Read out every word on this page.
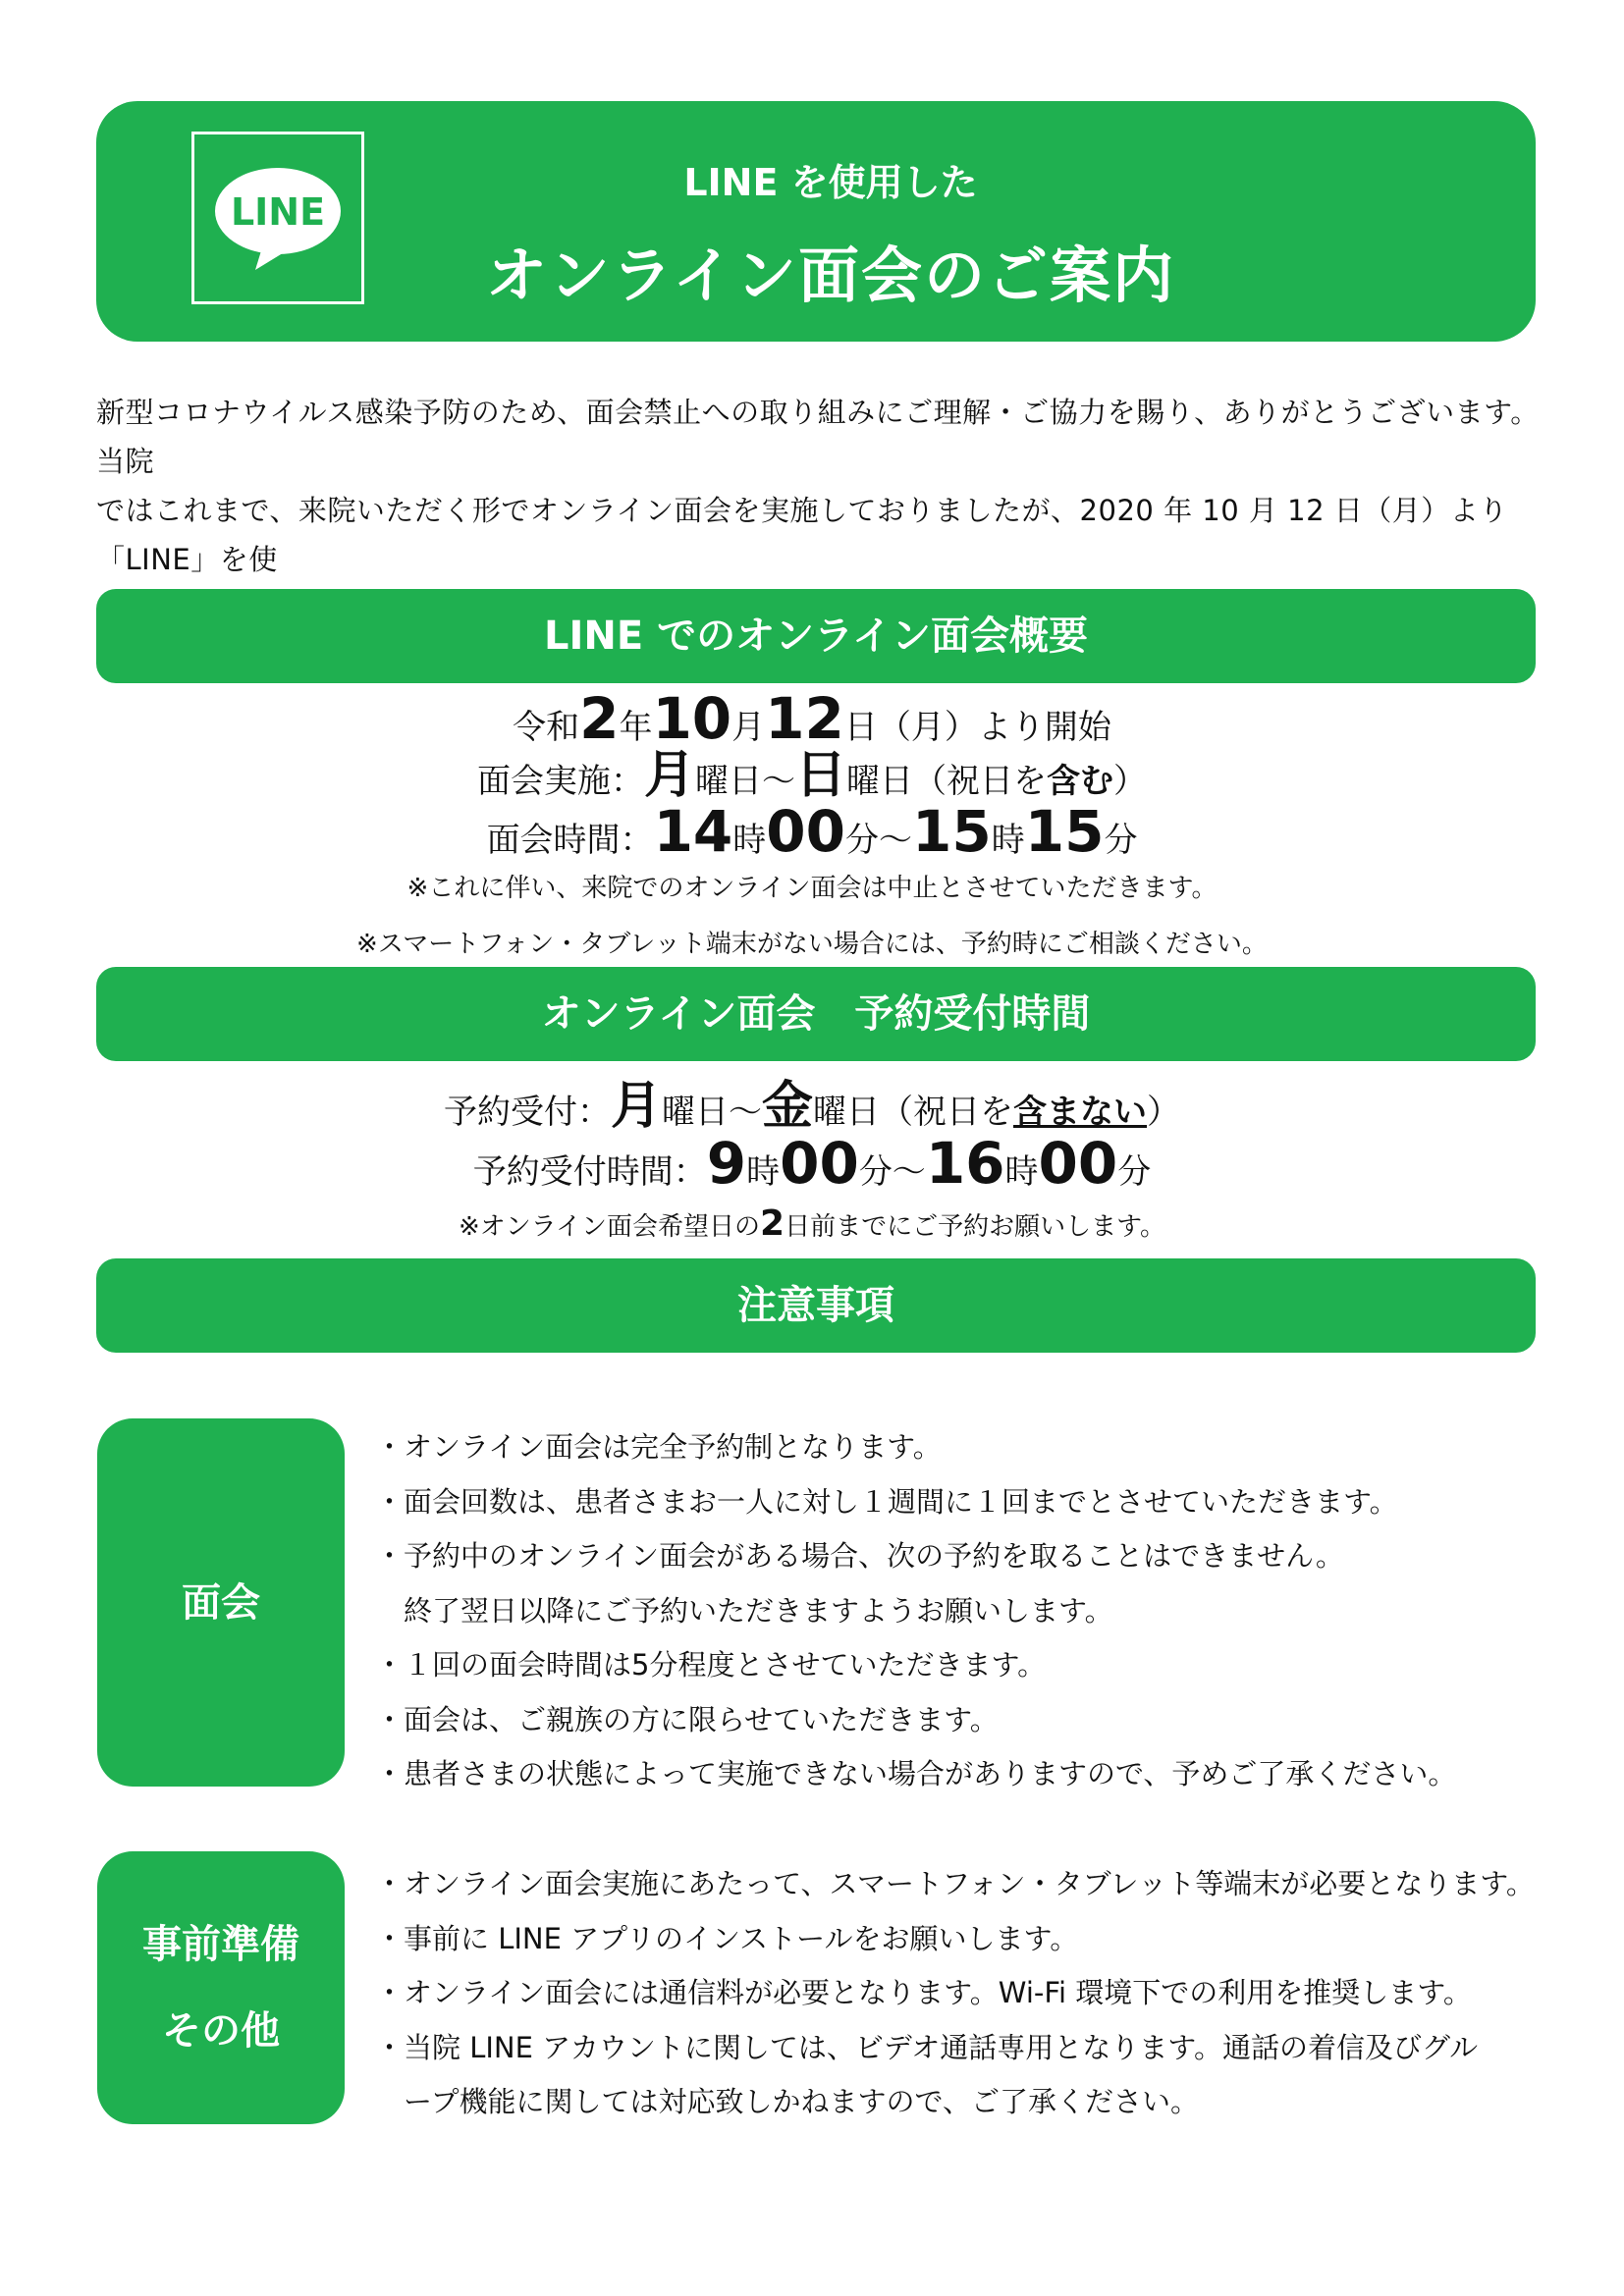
LINE
LINE を使用した
オンライン面会のご案内

新型コロナウイルス感染予防のため、面会禁止への取り組みにご理解・ご協力を賜り、ありがとうございます。当院

ではこれまで、来院いただく形でオンライン面会を実施しておりましたが、2020 年 10 月 12 日（月）より「LINE」を使

LINE でのオンライン面会概要
令和2年10月12日（月）より開始
面会実施：月曜日～日曜日（祝日を含む）
面会時間：14時00分～15時15分
※これに伴い、来院でのオンライン面会は中止とさせていただきます。
※スマートフォン・タブレット端末がない場合には、予約時にご相談ください。
オンライン面会　予約受付時間
予約受付：月曜日～金曜日（祝日を含まない）
予約受付時間：9時00分～16時00分
※オンライン面会希望日の2日前までにご予約お願いします。
注意事項
面会
・オンライン面会は完全予約制となります。
・面会回数は、患者さまお一人に対し１週間に１回までとさせていただきます。
・予約中のオンライン面会がある場合、次の予約を取ることはできません。
　終了翌日以降にご予約いただきますようお願いします。
・１回の面会時間は5分程度とさせていただきます。
・面会は、ご親族の方に限らせていただきます。
・患者さまの状態によって実施できない場合がありますので、予めご了承ください。
事前準備
その他
・オンライン面会実施にあたって、スマートフォン・タブレット等端末が必要となります。
・事前に LINE アプリのインストールをお願いします。
・オンライン面会には通信料が必要となります。Wi-Fi 環境下での利用を推奨します。
・当院 LINE アカウントに関しては、ビデオ通話専用となります。通話の着信及びグル
　ープ機能に関しては対応致しかねますので、ご了承ください。
